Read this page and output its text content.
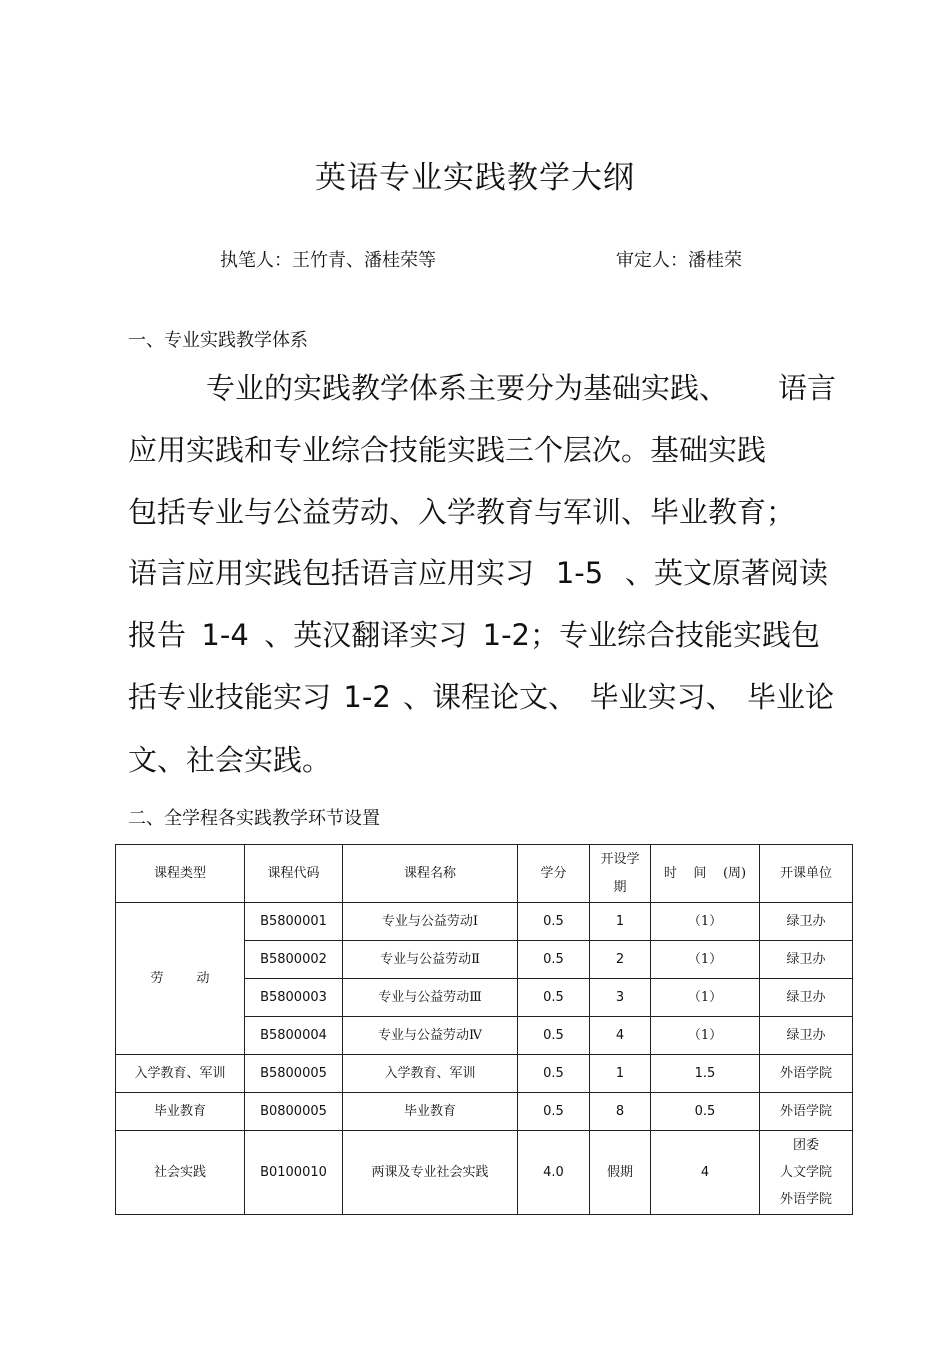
英语专业实践教学大纲
执笔人：王竹青、潘桂荣等	审定人：潘桂荣
一、专业实践教学体系
专业的实践教学体系主要分为基础实践、 语言
应用实践和专业综合技能实践三个层次。基础实践
包括专业与公益劳动、入学教育与军训、毕业教育；
语言应用实践包括语言应用实习 1-5 、英文原著阅读
报告 1-4 、英汉翻译实习 1-2；专业综合技能实践包
括专业技能实习 1-2 、课程论文、 毕业实习、 毕业论
文、社会实践。
二、全学程各实践教学环节设置
课程类型	课程代码	课程名称	学分	开设学
期	时    间    (周)	开课单位
劳        动	B5800001	专业与公益劳动Ⅰ	0.5	1	（1）	绿卫办
	B5800002	专业与公益劳动Ⅱ	0.5	2	（1）	绿卫办
	B5800003	专业与公益劳动Ⅲ	0.5	3	（1）	绿卫办
	B5800004	专业与公益劳动Ⅳ	0.5	4	（1）	绿卫办
入学教育、军训	B5800005	入学教育、军训	0.5	1	1.5	外语学院
毕业教育	B0800005	毕业教育	0.5	8	0.5	外语学院
社会实践	B0100010	两课及专业社会实践	4.0	假期	4	团委
人文学院
外语学院
